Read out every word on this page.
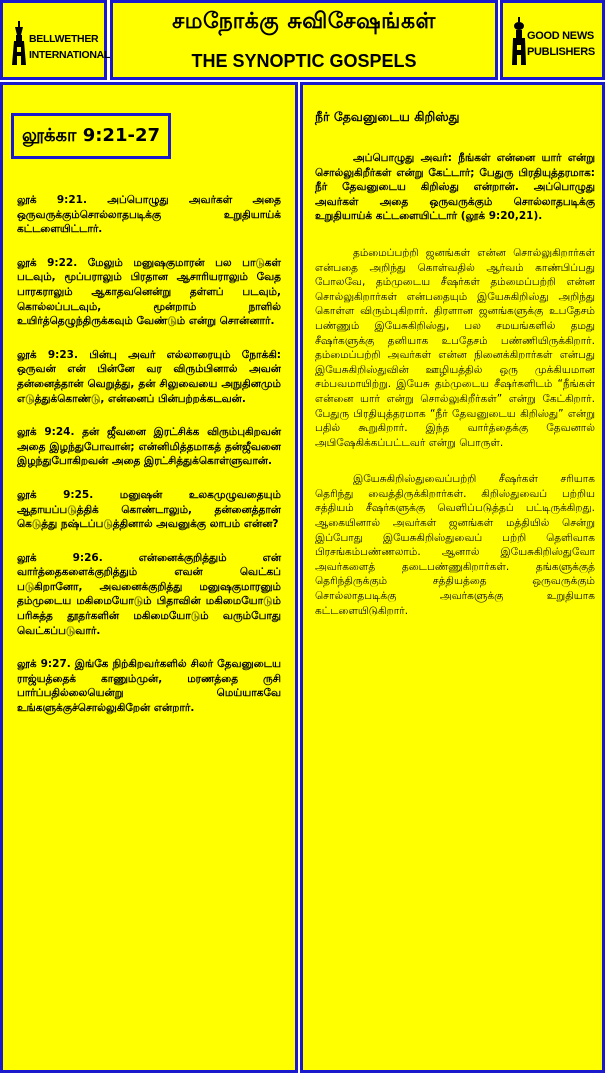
BELLWETHER INTERNATIONAL
சமநோக்கு சுவிசேஷங்கள்
THE SYNOPTIC GOSPELS
GOOD NEWS PUBLISHERS
லூக்கா 9:21-27

லூக் 9:21. அப்பொழுது அவர்கள் அதை ஒருவருக்கும்சொல்லாதபடிக்கு உறுதியாய்க் கட்டளையிட்டார்.

லூக் 9:22. மேலும் மனுஷகுமாரன் பல பாடுகள் படவும், மூப்பராலும் பிரதான ஆசாரியராலும் வேத பாரகராலும் ஆகாதவனென்று தள்ளப் படவும், கொல்லப்படவும், மூன்றாம் நாளில் உயிர்த்தெழுந்திருக்கவும் வேண்டும் என்று சொன்னார்.

லூக் 9:23. பின்பு அவர் எல்லாரையும் நோக்கி: ஒருவன் என் பின்னே வர விரும்பினால் அவன் தன்னைத்தான் வெறுத்து, தன் சிலுவையை அநுதினமும் எடுத்துக்கொண்டு, என்னைப் பின்பற்றக்கடவன்.

லூக் 9:24. தன் ஜீவனை இரட்சிக்க விரும்புகிறவன் அதை இழந்துபோவான்; என்னிமித்தமாகத் தன்ஜீவனை இழந்துபோகிறவன் அதை இரட்சித்துக்கொள்ளுவான்.

லூக் 9:25. மனுஷன் உலகமுழுவதையும் ஆதாயப்படுத்திக் கொண்டாலும், தன்னைத்தான் கெடுத்து நஷ்டப்படுத்தினால் அவனுக்கு லாபம் என்ன?

லூக் 9:26. என்னைக்குறித்தும் என் வார்த்தைகளைக்குறித்தும் எவன் வெட்கப் படுகிறானோ, அவனைக்குறித்து மனுஷகுமாரனும் தம்முடைய மகிமையோடும் பிதாவின் மகிமையோடும் பரிசுத்த தூதர்களின் மகிமையோடும் வரும்போது வெட்கப்படுவார்.

லூக் 9:27. இங்கே நிற்கிறவர்களில் சிலர் தேவனுடைய ராஜ்யத்தைக் காணும்முன், மரணத்தை ருசி பார்ப்பதில்லையென்று மெய்யாகவே உங்களுக்குச்சொல்லுகிறேன் என்றார்.

நீர் தேவனுடைய கிறிஸ்து

அப்பொழுது அவர்: நீங்கள் என்னை யார் என்று சொல்லுகிறீர்கள் என்று கேட்டார்; பேதுரு பிரதியுத்தரமாக: நீர் தேவனுடைய கிறிஸ்து என்றான். அப்பொழுது அவர்கள் அதை ஒருவருக்கும் சொல்லாதபடிக்கு உறுதியாய்க் கட்டளையிட்டார் (லூக் 9:20,21).

தம்மைப்பற்றி ஜனங்கள் என்ன சொல்லுகிறார்கள் என்பதை அறிந்து கொள்வதில் ஆர்வம் காண்பிப்பது போலவே, தம்முடைய சீஷர்கள் தம்மைப்பற்றி என்ன சொல்லுகிறார்கள் என்பதையும் இயேசுகிறிஸ்து அறிந்து கொள்ள விரும்புகிறார். திரளான ஜனங்களுக்கு உபதேசம் பண்ணும் இயேசுகிறிஸ்து, பல சமயங்களில் தமது சீஷர்களுக்கு தனியாக உபதேசம் பண்ணியிருக்கிறார். தம்மைப்பற்றி அவர்கள் என்ன நினைக்கிறார்கள் என்பது இயேசுகிறிஸ்துவின் ஊழியத்தில் ஒரு முக்கியமான சம்பவமாயிற்று. இயேசு தம்முடைய சீஷர்களிடம் “நீங்கள் என்னை யார் என்று சொல்லுகிறீர்கள்” என்று கேட்கிறார். பேதுரு பிரதியுத்தரமாக “நீர் தேவனுடைய கிறிஸ்து” என்று பதில் கூறுகிறார். இந்த வார்த்தைக்கு தேவனால் அபிஷேகிக்கப்பட்டவர் என்று பொருள்.

இயேசுகிறிஸ்துவைப்பற்றி சீஷர்கள் சரியாக தெரிந்து வைத்திருக்கிறார்கள். கிறிஸ்துவைப் பற்றிய சத்தியம் சீஷர்களுக்கு வெளிப்படுத்தப் பட்டிருக்கிறது. ஆகையினால் அவர்கள் ஜனங்கள் மத்தியில் சென்று இப்போது இயேசுகிறிஸ்துவைப் பற்றி தெளிவாக பிரசங்கம்பண்ணலாம். ஆனால் இயேசுகிறிஸ்துவோ அவர்களைத் தடைபண்ணுகிறார்கள். தங்களுக்குத் தெரிந்திருக்கும் சத்தியத்தை ஒருவருக்கும் சொல்லாதபடிக்கு அவர்களுக்கு உறுதியாக கட்டளையிடுகிறார்.
